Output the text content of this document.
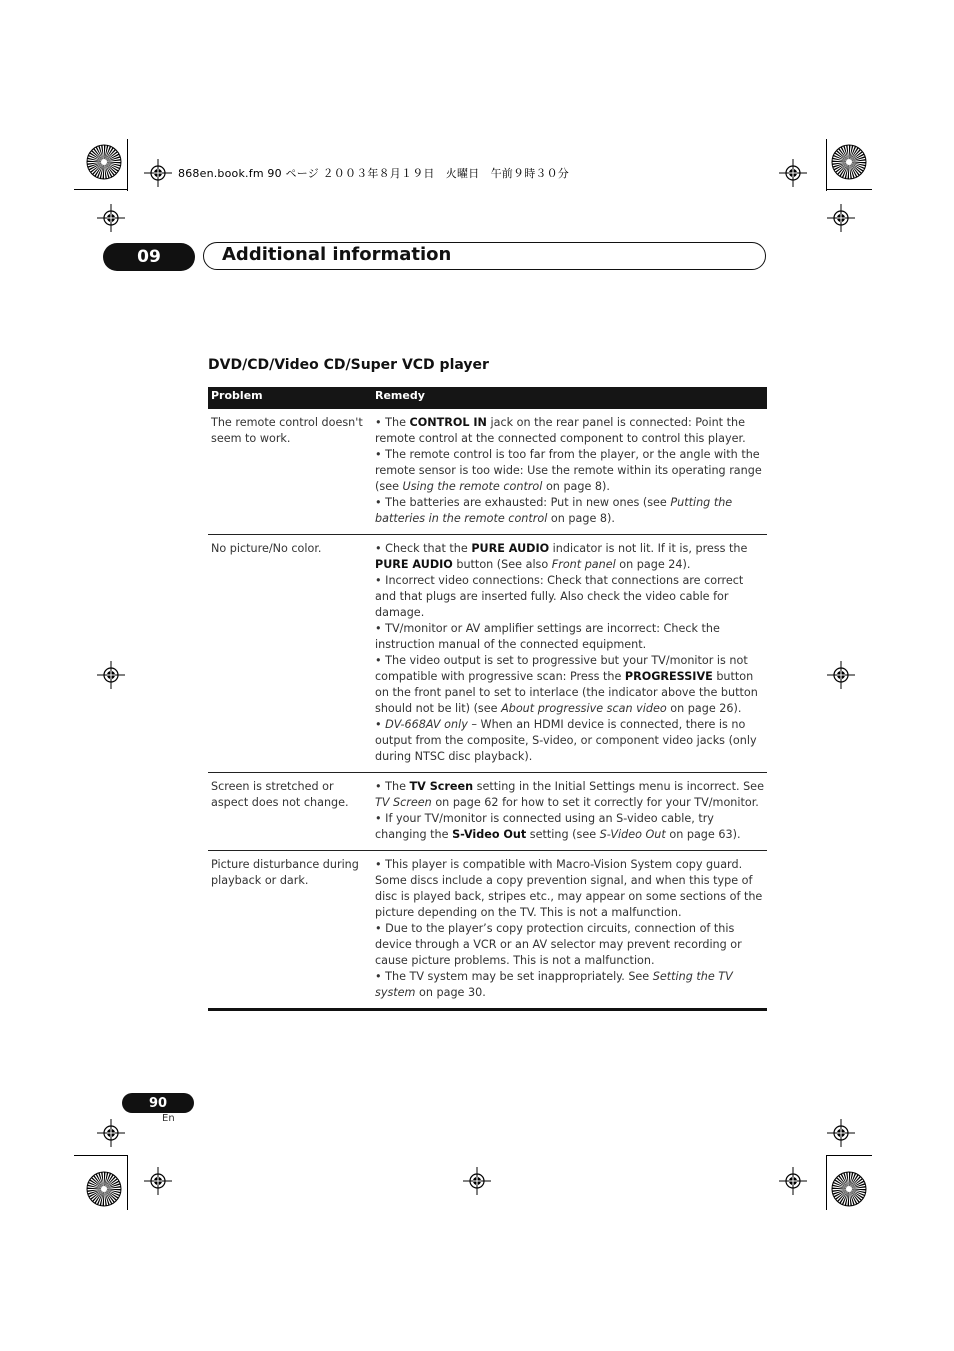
868en.book.fm 90 ページ ２００３年８月１９日　火曜日　午前９時３０分
09	Additional information
DVD/CD/Video CD/Super VCD player
Problem	Remedy
The remote control doesn't seem to work.	• The CONTROL IN jack on the rear panel is connected: Point the remote control at the connected component to control this player.
• The remote control is too far from the player, or the angle with the remote sensor is too wide: Use the remote within its operating range (see Using the remote control on page 8).
• The batteries are exhausted: Put in new ones (see Putting the batteries in the remote control on page 8).

No picture/No color.	• Check that the PURE AUDIO indicator is not lit. If it is, press the PURE AUDIO button (See also Front panel on page 24).
• Incorrect video connections: Check that connections are correct and that plugs are inserted fully. Also check the video cable for damage.
• TV/monitor or AV amplifier settings are incorrect: Check the instruction manual of the connected equipment.
• The video output is set to progressive but your TV/monitor is not compatible with progressive scan: Press the PROGRESSIVE button on the front panel to set to interlace (the indicator above the button should not be lit) (see About progressive scan video on page 26).
• DV-668AV only – When an HDMI device is connected, there is no output from the composite, S-video, or component video jacks (only during NTSC disc playback).

Screen is stretched or aspect does not change.	• The TV Screen setting in the Initial Settings menu is incorrect. See TV Screen on page 62 for how to set it correctly for your TV/monitor.
• If your TV/monitor is connected using an S-video cable, try changing the S-Video Out setting (see S-Video Out on page 63).

Picture disturbance during playback or dark.	• This player is compatible with Macro-Vision System copy guard. Some discs include a copy prevention signal, and when this type of disc is played back, stripes etc., may appear on some sections of the picture depending on the TV. This is not a malfunction.
• Due to the player’s copy protection circuits, connection of this device through a VCR or an AV selector may prevent recording or cause picture problems. This is not a malfunction.
• The TV system may be set inappropriately. See Setting the TV system on page 30.
90
En
